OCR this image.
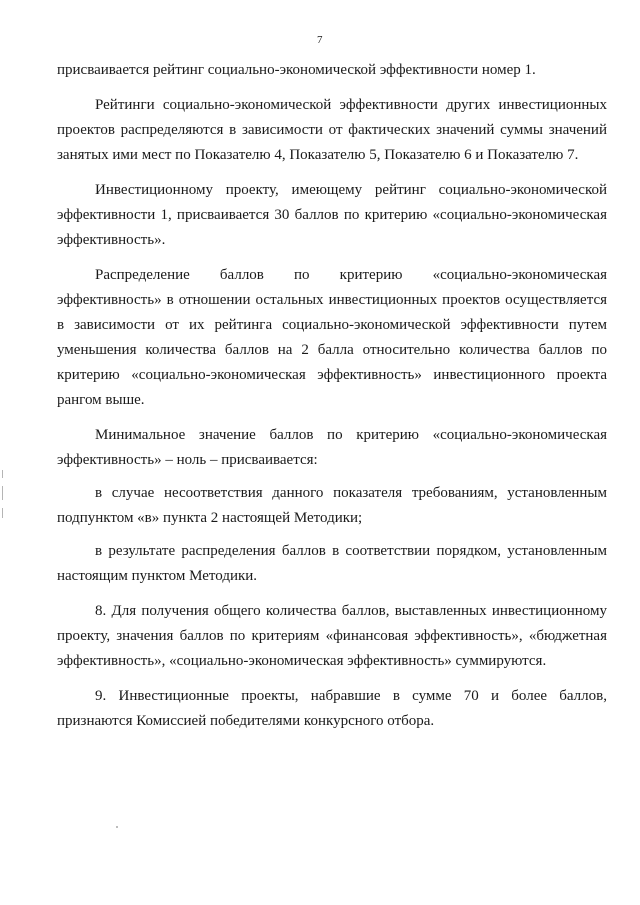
7

присваивается рейтинг социально-экономической эффективности номер 1.

Рейтинги социально-экономической эффективности других инвестиционных проектов распределяются в зависимости от фактических значений суммы значений занятых ими мест по Показателю 4, Показателю 5, Показателю 6 и Показателю 7.

Инвестиционному проекту, имеющему рейтинг социально-экономической эффективности 1, присваивается 30 баллов по критерию «социально-экономическая эффективность».

Распределение баллов по критерию «социально-экономическая эффективность» в отношении остальных инвестиционных проектов осуществляется в зависимости от их рейтинга социально-экономической эффективности путем уменьшения количества баллов на 2 балла относительно количества баллов по критерию «социально-экономическая эффективность» инвестиционного проекта рангом выше.

Минимальное значение баллов по критерию «социально-экономическая эффективность» – ноль – присваивается:

в случае несоответствия данного показателя требованиям, установленным подпунктом «в» пункта 2 настоящей Методики;

в результате распределения баллов в соответствии порядком, установленным настоящим пунктом Методики.

8. Для получения общего количества баллов, выставленных инвестиционному проекту, значения баллов по критериям «финансовая эффективность», «бюджетная эффективность», «социально-экономическая эффективность» суммируются.

9. Инвестиционные проекты, набравшие в сумме 70 и более баллов, признаются Комиссией победителями конкурсного отбора.
